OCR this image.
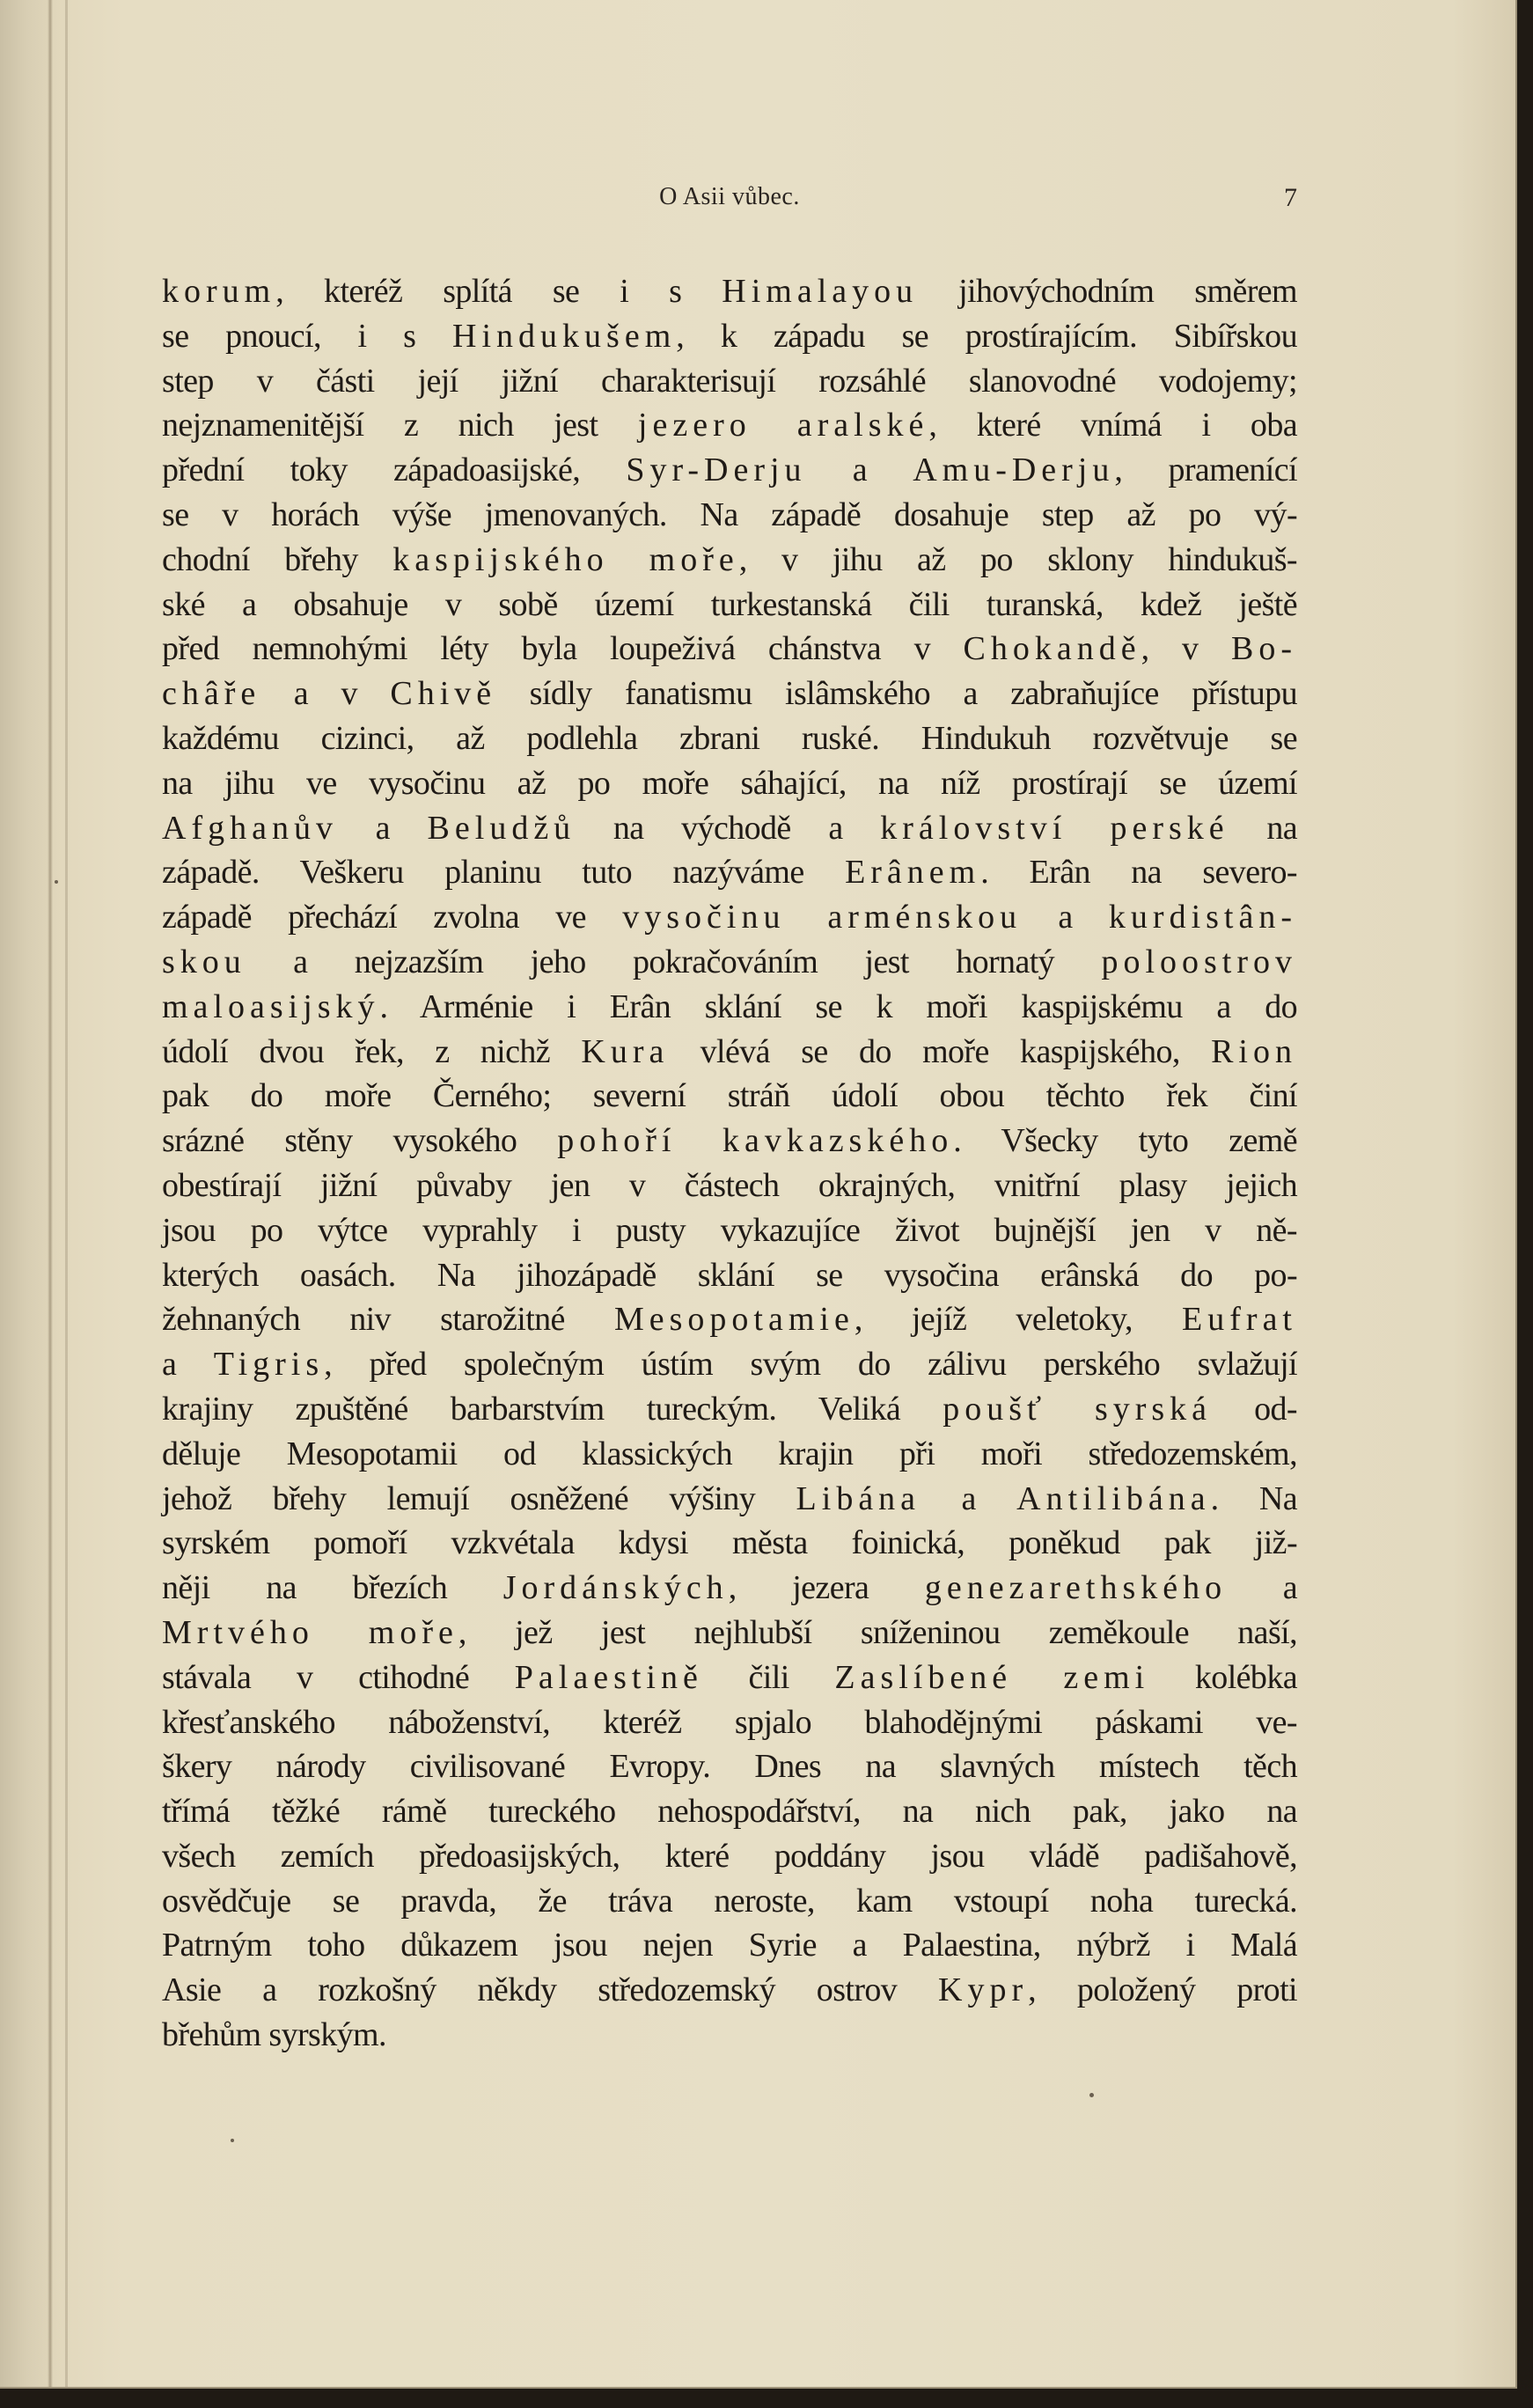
O Asii vůbec.	7
korum, kteréž splítá se i s Himalayou jihovýchodním směrem
se pnoucí, i s Hindukušem, k západu se prostírajícím. Sibířskou
step v části její jižní charakterisují rozsáhlé slanovodné vodojemy;
nejznamenitější z nich jest jezero aralské, které vnímá i oba
přední toky západoasijské, Syr-Derju a Amu-Derju, pramenící
se v horách výše jmenovaných. Na západě dosahuje step až po vý-
chodní břehy kaspijského moře, v jihu až po sklony hindukuš-
ské a obsahuje v sobě území turkestanská čili turanská, kdež ještě
před nemnohými léty byla loupeživá chánstva v Chokandě, v Bo-
châře a v Chivě sídly fanatismu islâmského a zabraňujíce přístupu
každému cizinci, až podlehla zbrani ruské. Hindukuh rozvětvuje se
na jihu ve vysočinu až po moře sáhající, na níž prostírají se území
Afghanův a Beludžů na východě a království perské na
západě. Veškeru planinu tuto nazýváme Erânem. Erân na severo-
západě přechází zvolna ve vysočinu arménskou a kurdistân-
skou a nejzazším jeho pokračováním jest hornatý poloostrov
maloasijský. Arménie i Erân sklání se k moři kaspijskému a do
údolí dvou řek, z nichž Kura vlévá se do moře kaspijského, Rion
pak do moře Černého; severní stráň údolí obou těchto řek činí
srázné stěny vysokého pohoří kavkazského. Všecky tyto země
obestírají jižní půvaby jen v částech okrajných, vnitřní plasy jejich
jsou po výtce vyprahly i pusty vykazujíce život bujnější jen v ně-
kterých oasách. Na jihozápadě sklání se vysočina erânská do po-
žehnaných niv starožitné Mesopotamie, jejíž veletoky, Eufrat
a Tigris, před společným ústím svým do zálivu perského svlažují
krajiny zpuštěné barbarstvím tureckým. Veliká poušť syrská od-
děluje Mesopotamii od klassických krajin při moři středozemském,
jehož břehy lemují osněžené výšiny Libána a Antilibána. Na
syrském pomoří vzkvétala kdysi města foinická, poněkud pak již-
něji na březích Jordánských, jezera genezarethského a
Mrtvého moře, jež jest nejhlubší sníženinou zeměkoule naší,
stávala v ctihodné Palaestině čili Zaslíbené zemi kolébka
křesťanského náboženství, kteréž spjalo blahodějnými páskami ve-
škery národy civilisované Evropy. Dnes na slavných místech těch
třímá těžké rámě tureckého nehospodářství, na nich pak, jako na
všech zemích předoasijských, které poddány jsou vládě padišahově,
osvědčuje se pravda, že tráva neroste, kam vstoupí noha turecká.
Patrným toho důkazem jsou nejen Syrie a Palaestina, nýbrž i Malá
Asie a rozkošný někdy středozemský ostrov Kypr, položený proti
břehům syrským.
